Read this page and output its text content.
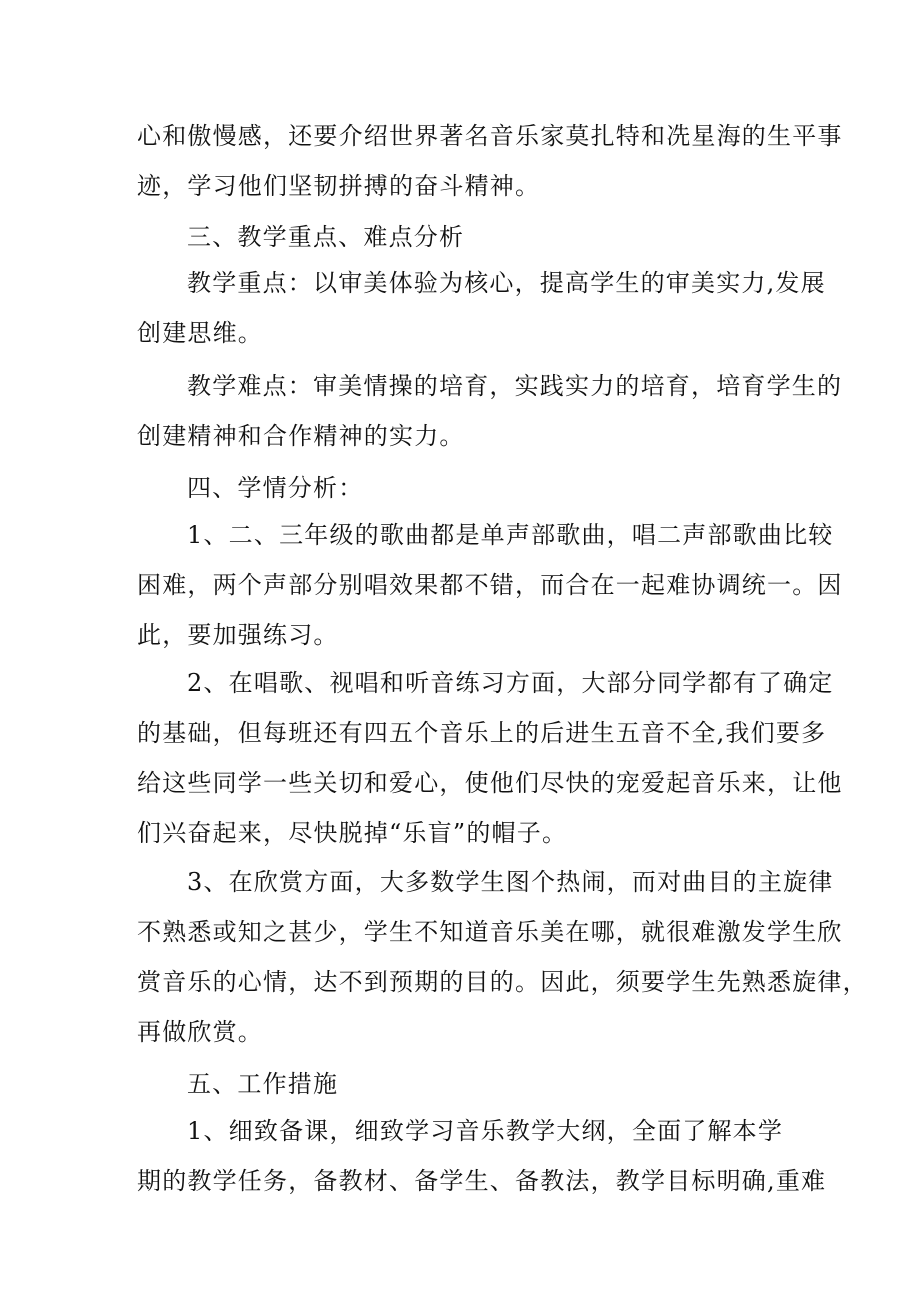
心和傲慢感，还要介绍世界著名音乐家莫扎特和冼星海的生平事
迹，学习他们坚韧拼搏的奋斗精神。
三、教学重点、难点分析
教学重点：以审美体验为核心，提高学生的审美实力,发展
创建思维。
教学难点：审美情操的培育，实践实力的培育，培育学生的
创建精神和合作精神的实力。
四、学情分析：
1、二、三年级的歌曲都是单声部歌曲，唱二声部歌曲比较
困难，两个声部分别唱效果都不错，而合在一起难协调统一。因
此，要加强练习。
2、在唱歌、视唱和听音练习方面，大部分同学都有了确定
的基础，但每班还有四五个音乐上的后进生五音不全,我们要多
给这些同学一些关切和爱心，使他们尽快的宠爱起音乐来，让他
们兴奋起来，尽快脱掉“乐盲”的帽子。
3、在欣赏方面，大多数学生图个热闹，而对曲目的主旋律
不熟悉或知之甚少，学生不知道音乐美在哪，就很难激发学生欣
赏音乐的心情，达不到预期的目的。因此，须要学生先熟悉旋律，
再做欣赏。
五、工作措施
1、细致备课，细致学习音乐教学大纲，全面了解本学
期的教学任务，备教材、备学生、备教法，教学目标明确,重难
